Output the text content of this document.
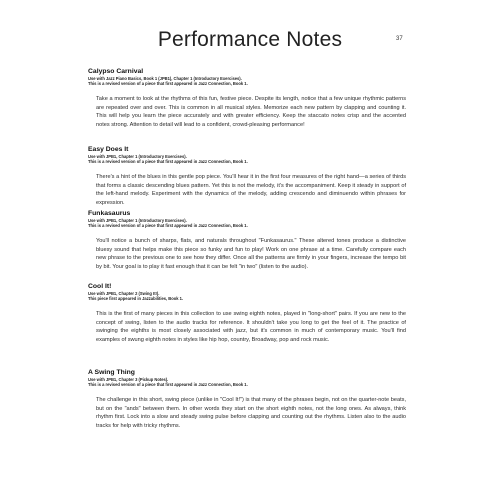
Performance Notes	37
Calypso Carnival
Use with Jazz Piano Basics, Book 1 (JPB1), Chapter 1 (Introductory Exercises).
This is a revised version of a piece that first appeared in Jazz Connection, Book 1.
Take a moment to look at the rhythms of this fun, festive piece. Despite its length, notice that a few unique rhythmic patterns are repeated over and over. This is common in all musical styles. Memorize each new pattern by clapping and counting it. This will help you learn the piece accurately and with greater efficiency. Keep the staccato notes crisp and the accented notes strong. Attention to detail will lead to a confident, crowd-pleasing performance!
Easy Does It
Use with JPB1, Chapter 1 (Introductory Exercises).
This is a revised version of a piece that first appeared in Jazz Connection, Book 1.
There's a hint of the blues in this gentle pop piece. You'll hear it in the first four measures of the right hand—a series of thirds that forms a classic descending blues pattern. Yet this is not the melody, it's the accompaniment. Keep it steady in support of the left-hand melody. Experiment with the dynamics of the melody, adding crescendo and diminuendo within phrases for expression.
Funkasaurus
Use with JPB1, Chapter 1 (Introductory Exercises).
This is a revised version of a piece that first appeared in Jazz Connection, Book 1.
You'll notice a bunch of sharps, flats, and naturals throughout "Funkasaurus." These altered tones produce a distinctive bluesy sound that helps make this piece so funky and fun to play! Work on one phrase at a time. Carefully compare each new phrase to the previous one to see how they differ. Once all the patterns are firmly in your fingers, increase the tempo bit by bit. Your goal is to play it fast enough that it can be felt "in two" (listen to the audio).
Cool It!
Use with JPB1, Chapter 2 (Swing It!).
This piece first appeared in Jazzabilities, Book 1.
This is the first of many pieces in this collection to use swing eighth notes, played in "long-short" pairs. If you are new to the concept of swing, listen to the audio tracks for reference. It shouldn't take you long to get the feel of it. The practice of swinging the eighths is most closely associated with jazz, but it's common in much of contemporary music. You'll find examples of swung eighth notes in styles like hip hop, country, Broadway, pop and rock music.
A Swing Thing
Use with JPB1, Chapter 3 (Pickup Notes).
This is a revised version of a piece that first appeared in Jazz Connection, Book 1.
The challenge in this short, swing piece (unlike in "Cool It!") is that many of the phrases begin, not on the quarter-note beats, but on the "ands" between them. In other words they start on the short eighth notes, not the long ones. As always, think rhythm first. Lock into a slow and steady swing pulse before clapping and counting out the rhythms. Listen also to the audio tracks for help with tricky rhythms.
